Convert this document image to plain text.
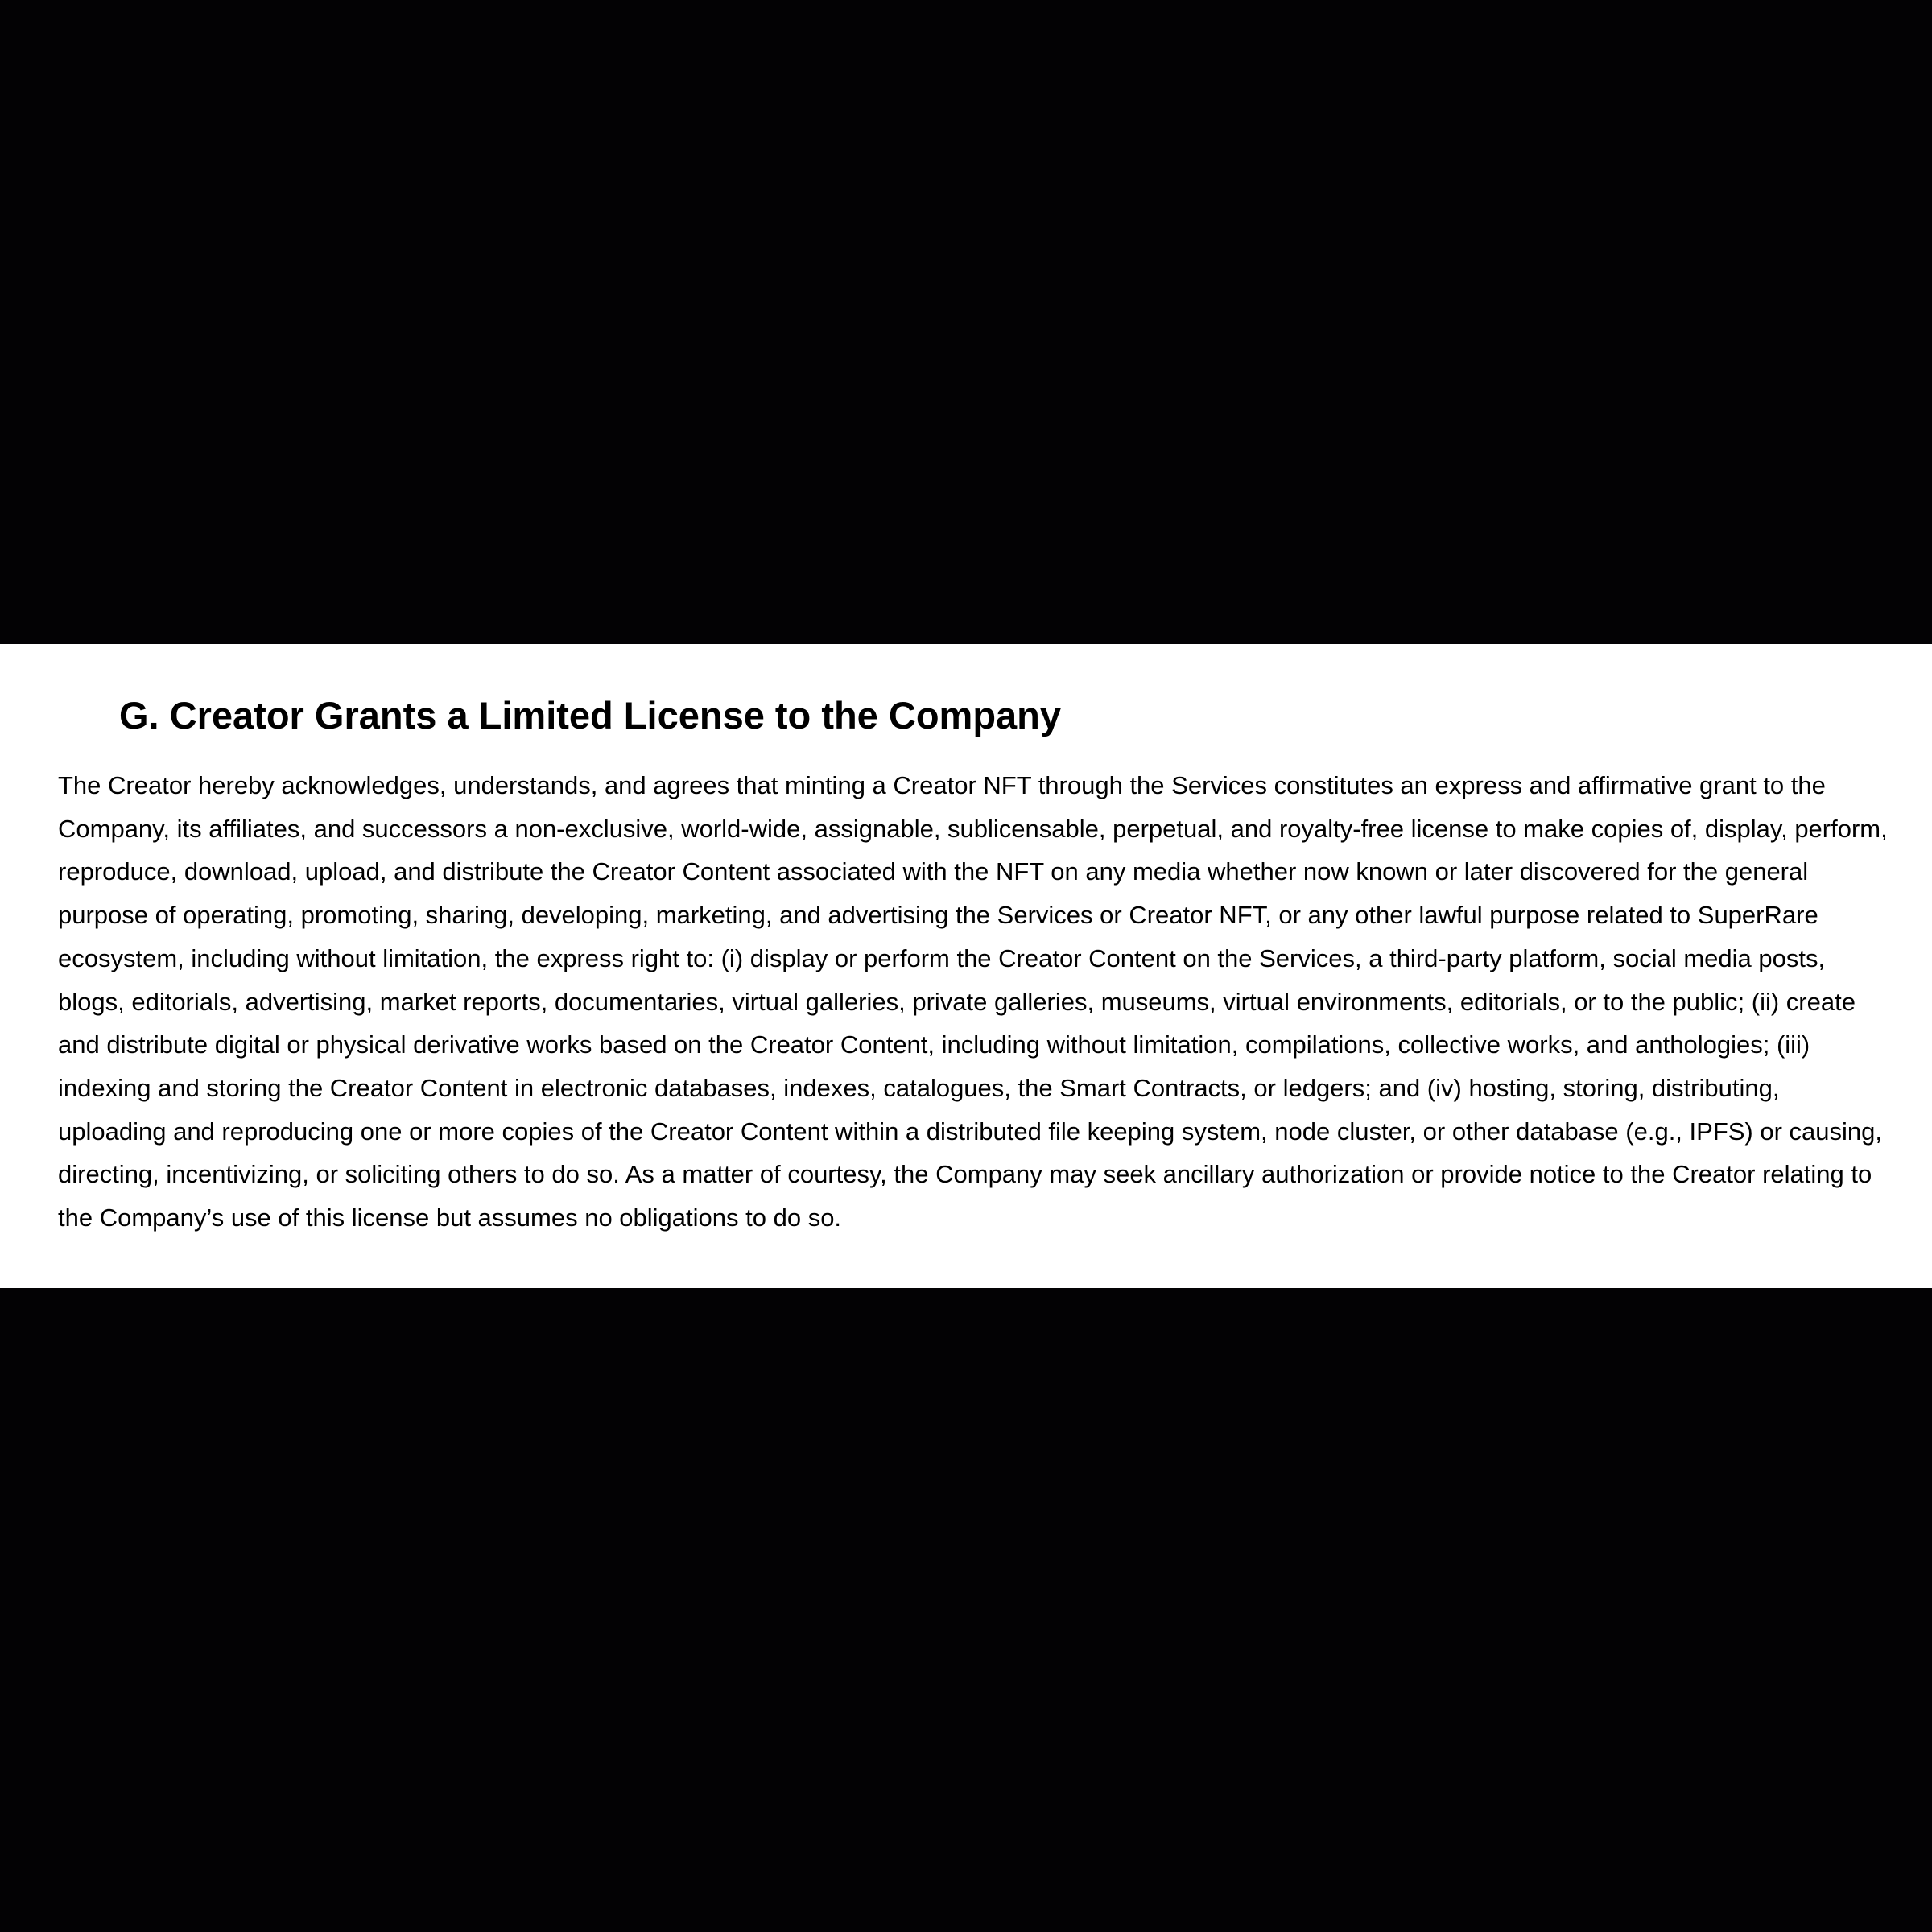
G. Creator Grants a Limited License to the Company

The Creator hereby acknowledges, understands, and agrees that minting a Creator NFT through the Services constitutes an express and affirmative grant to the
Company, its affiliates, and successors a non-exclusive, world-wide, assignable, sublicensable, perpetual, and royalty-free license to make copies of, display, perform,
reproduce, download, upload, and distribute the Creator Content associated with the NFT on any media whether now known or later discovered for the general
purpose of operating, promoting, sharing, developing, marketing, and advertising the Services or Creator NFT, or any other lawful purpose related to SuperRare
ecosystem, including without limitation, the express right to: (i) display or perform the Creator Content on the Services, a third-party platform, social media posts,
blogs, editorials, advertising, market reports, documentaries, virtual galleries, private galleries, museums, virtual environments, editorials, or to the public; (ii) create
and distribute digital or physical derivative works based on the Creator Content, including without limitation, compilations, collective works, and anthologies; (iii)
indexing and storing the Creator Content in electronic databases, indexes, catalogues, the Smart Contracts, or ledgers; and (iv) hosting, storing, distributing,
uploading and reproducing one or more copies of the Creator Content within a distributed file keeping system, node cluster, or other database (e.g., IPFS) or causing,
directing, incentivizing, or soliciting others to do so. As a matter of courtesy, the Company may seek ancillary authorization or provide notice to the Creator relating to
the Company’s use of this license but assumes no obligations to do so.
